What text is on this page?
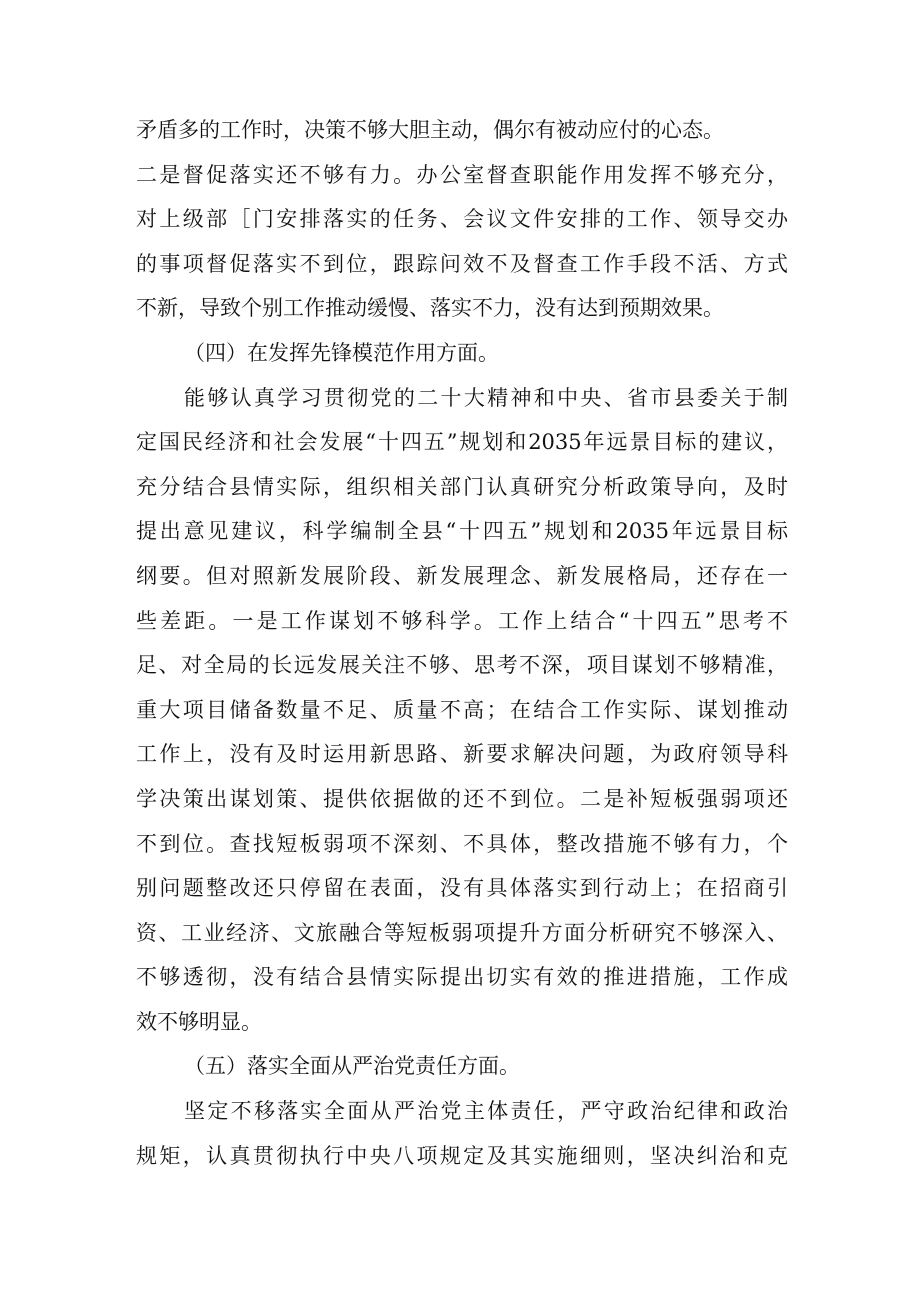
矛盾多的工作时，决策不够大胆主动，偶尔有被动应付的心态。
二是督促落实还不够有力。办公室督查职能作用发挥不够充分，
对上级部［门安排落实的任务、会议文件安排的工作、领导交办
的事项督促落实不到位，跟踪问效不及督查工作手段不活、方式
不新，导致个别工作推动缓慢、落实不力，没有达到预期效果。
（四）在发挥先锋模范作用方面。
能够认真学习贯彻党的二十大精神和中央、省市县委关于制
定国民经济和社会发展“十四五”规划和2035年远景目标的建议，
充分结合县情实际，组织相关部门认真研究分析政策导向，及时
提出意见建议，科学编制全县“十四五”规划和2035年远景目标
纲要。但对照新发展阶段、新发展理念、新发展格局，还存在一
些差距。一是工作谋划不够科学。工作上结合“十四五”思考不
足、对全局的长远发展关注不够、思考不深，项目谋划不够精准，
重大项目储备数量不足、质量不高；在结合工作实际、谋划推动
工作上，没有及时运用新思路、新要求解决问题，为政府领导科
学决策出谋划策、提供依据做的还不到位。二是补短板强弱项还
不到位。查找短板弱项不深刻、不具体，整改措施不够有力，个
别问题整改还只停留在表面，没有具体落实到行动上；在招商引
资、工业经济、文旅融合等短板弱项提升方面分析研究不够深入、
不够透彻，没有结合县情实际提出切实有效的推进措施，工作成
效不够明显。
（五）落实全面从严治党责任方面。
坚定不移落实全面从严治党主体责任，严守政治纪律和政治
规矩，认真贯彻执行中央八项规定及其实施细则，坚决纠治和克
